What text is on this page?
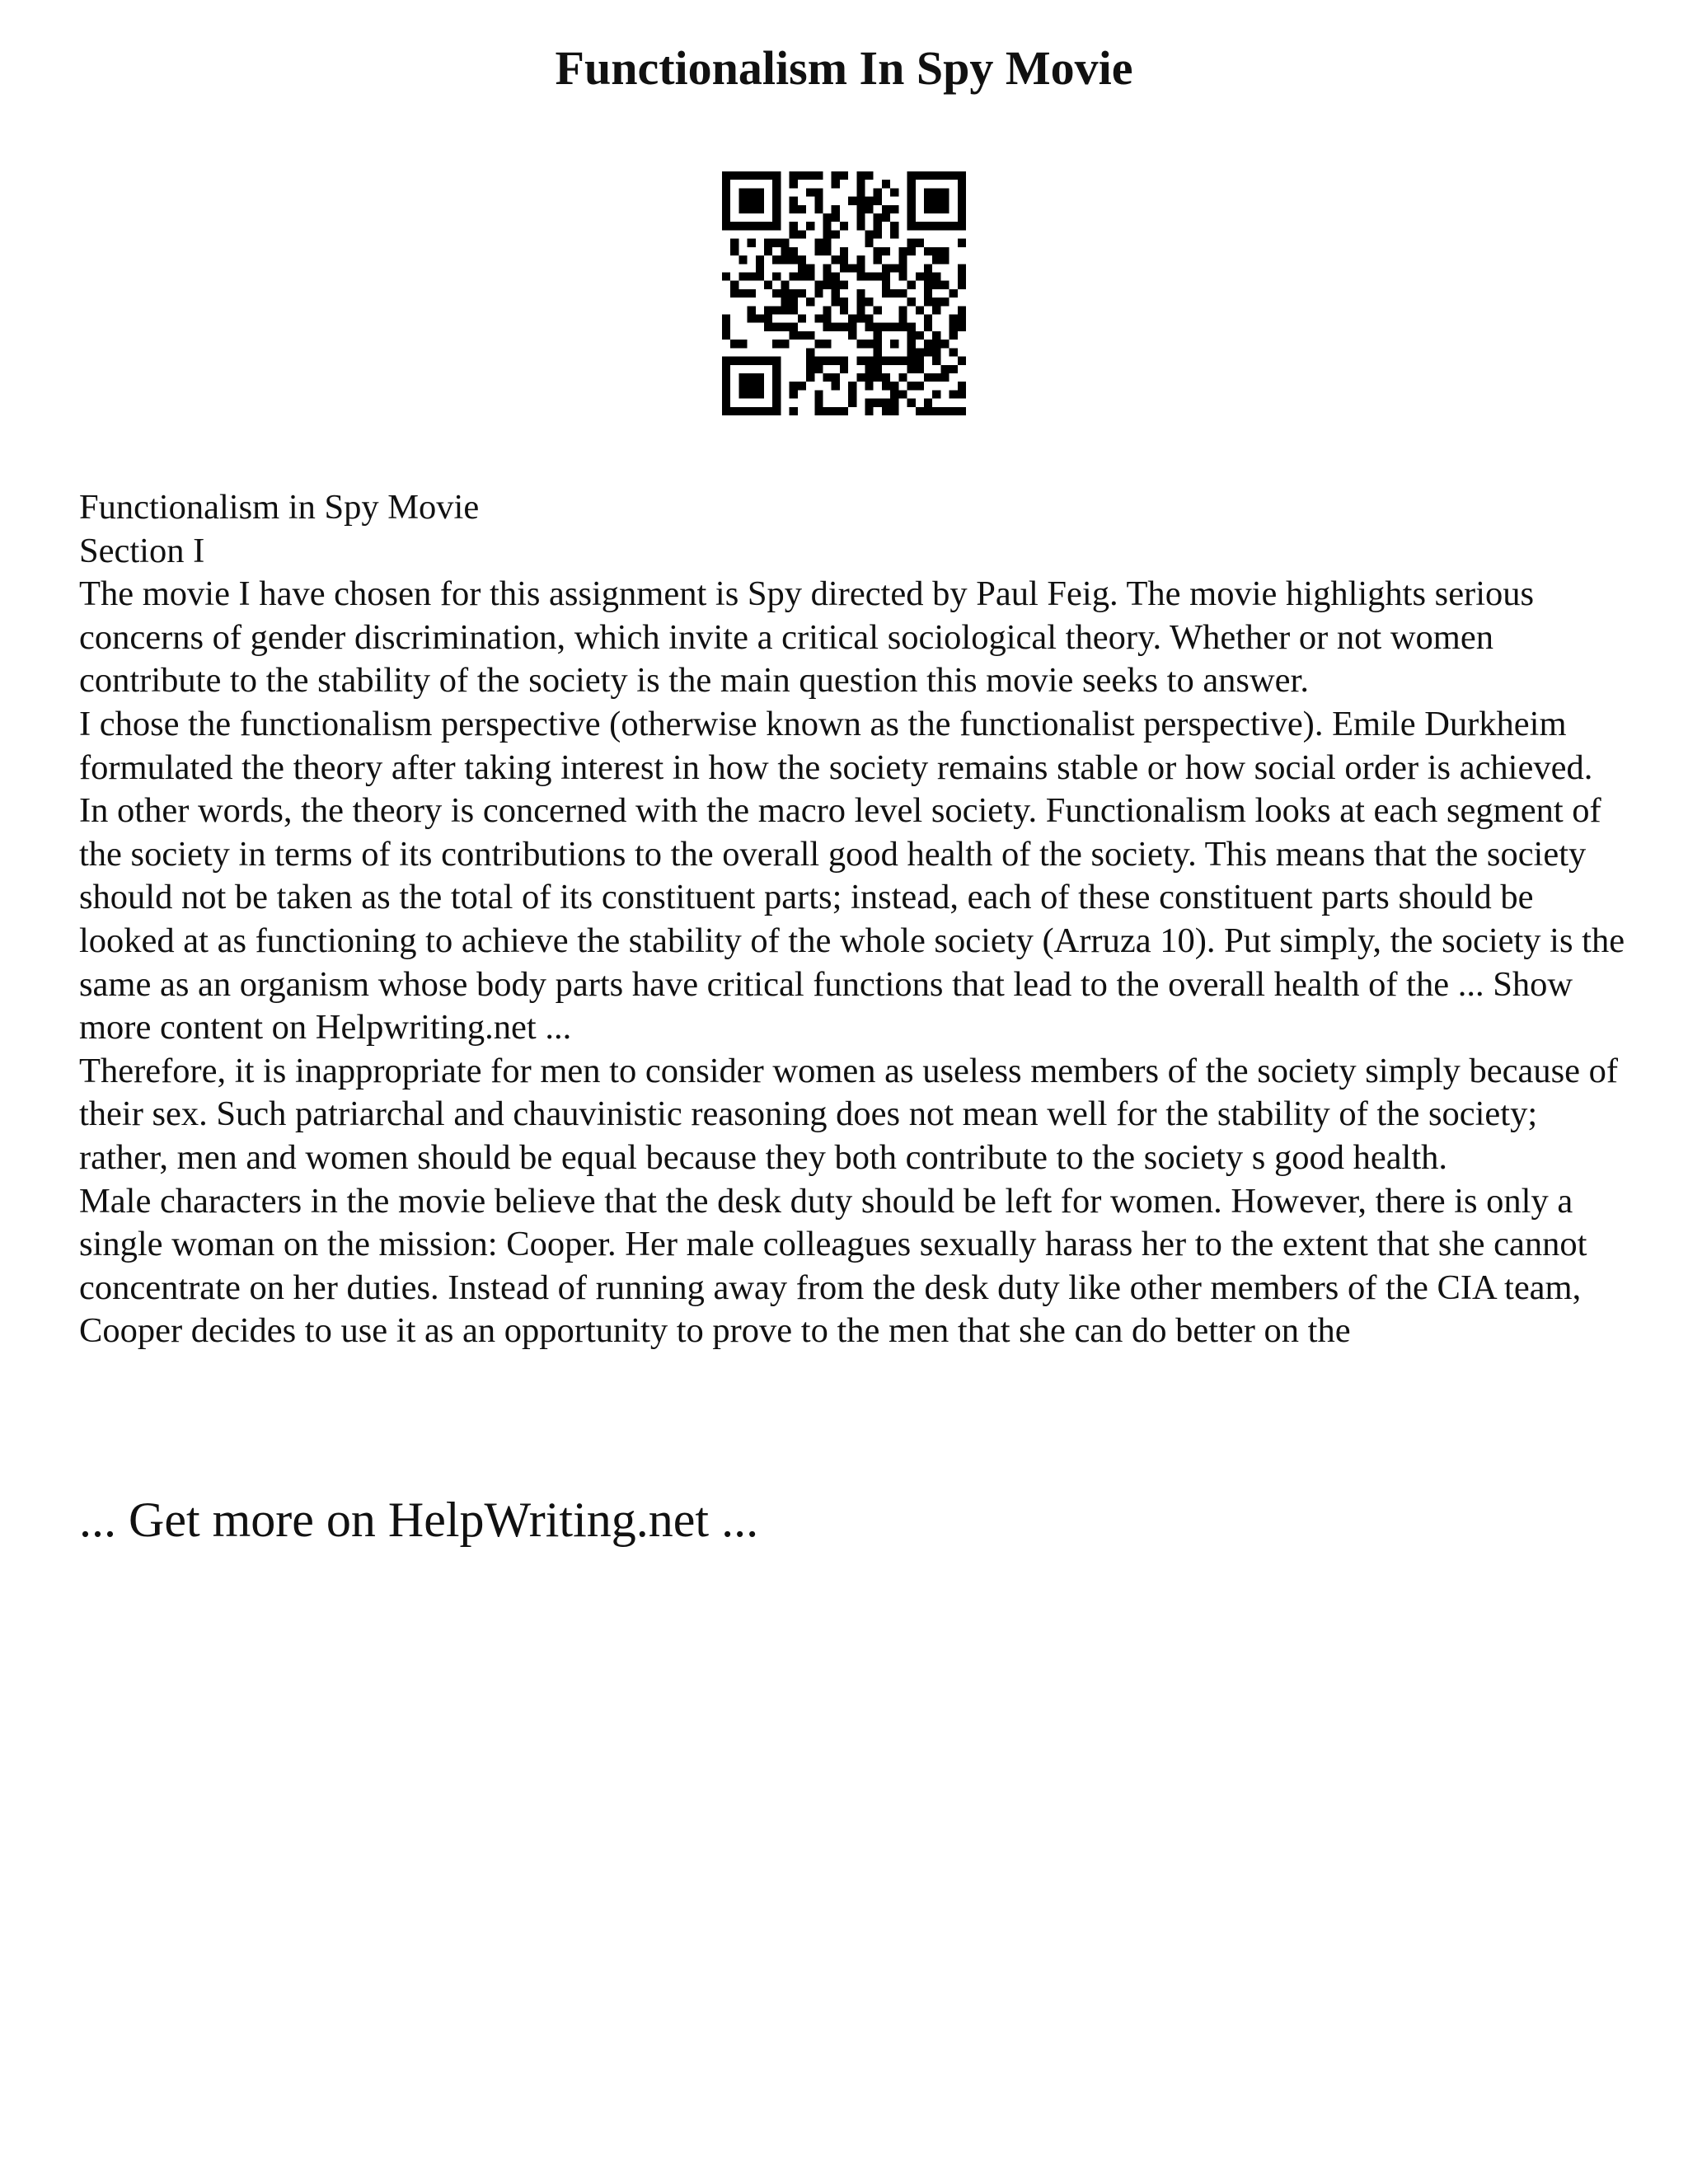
Functionalism In Spy Movie

Functionalism in Spy Movie

Section I

The movie I have chosen for this assignment is Spy directed by Paul Feig. The movie highlights serious concerns of gender discrimination, which invite a critical sociological theory. Whether or not women contribute to the stability of the society is the main question this movie seeks to answer.

I chose the functionalism perspective (otherwise known as the functionalist perspective). Emile Durkheim formulated the theory after taking interest in how the society remains stable or how social order is achieved. In other words, the theory is concerned with the macro level society. Functionalism looks at each segment of the society in terms of its contributions to the overall good health of the society. This means that the society should not be taken as the total of its constituent parts; instead, each of these constituent parts should be looked at as functioning to achieve the stability of the whole society (Arruza 10). Put simply, the society is the same as an organism whose body parts have critical functions that lead to the overall health of the ... Show more content on Helpwriting.net ...

Therefore, it is inappropriate for men to consider women as useless members of the society simply because of their sex. Such patriarchal and chauvinistic reasoning does not mean well for the stability of the society; rather, men and women should be equal because they both contribute to the society s good health.

Male characters in the movie believe that the desk duty should be left for women. However, there is only a single woman on the mission: Cooper. Her male colleagues sexually harass her to the extent that she cannot concentrate on her duties. Instead of running away from the desk duty like other members of the CIA team, Cooper decides to use it as an opportunity to prove to the men that she can do better on the

... Get more on HelpWriting.net ...
